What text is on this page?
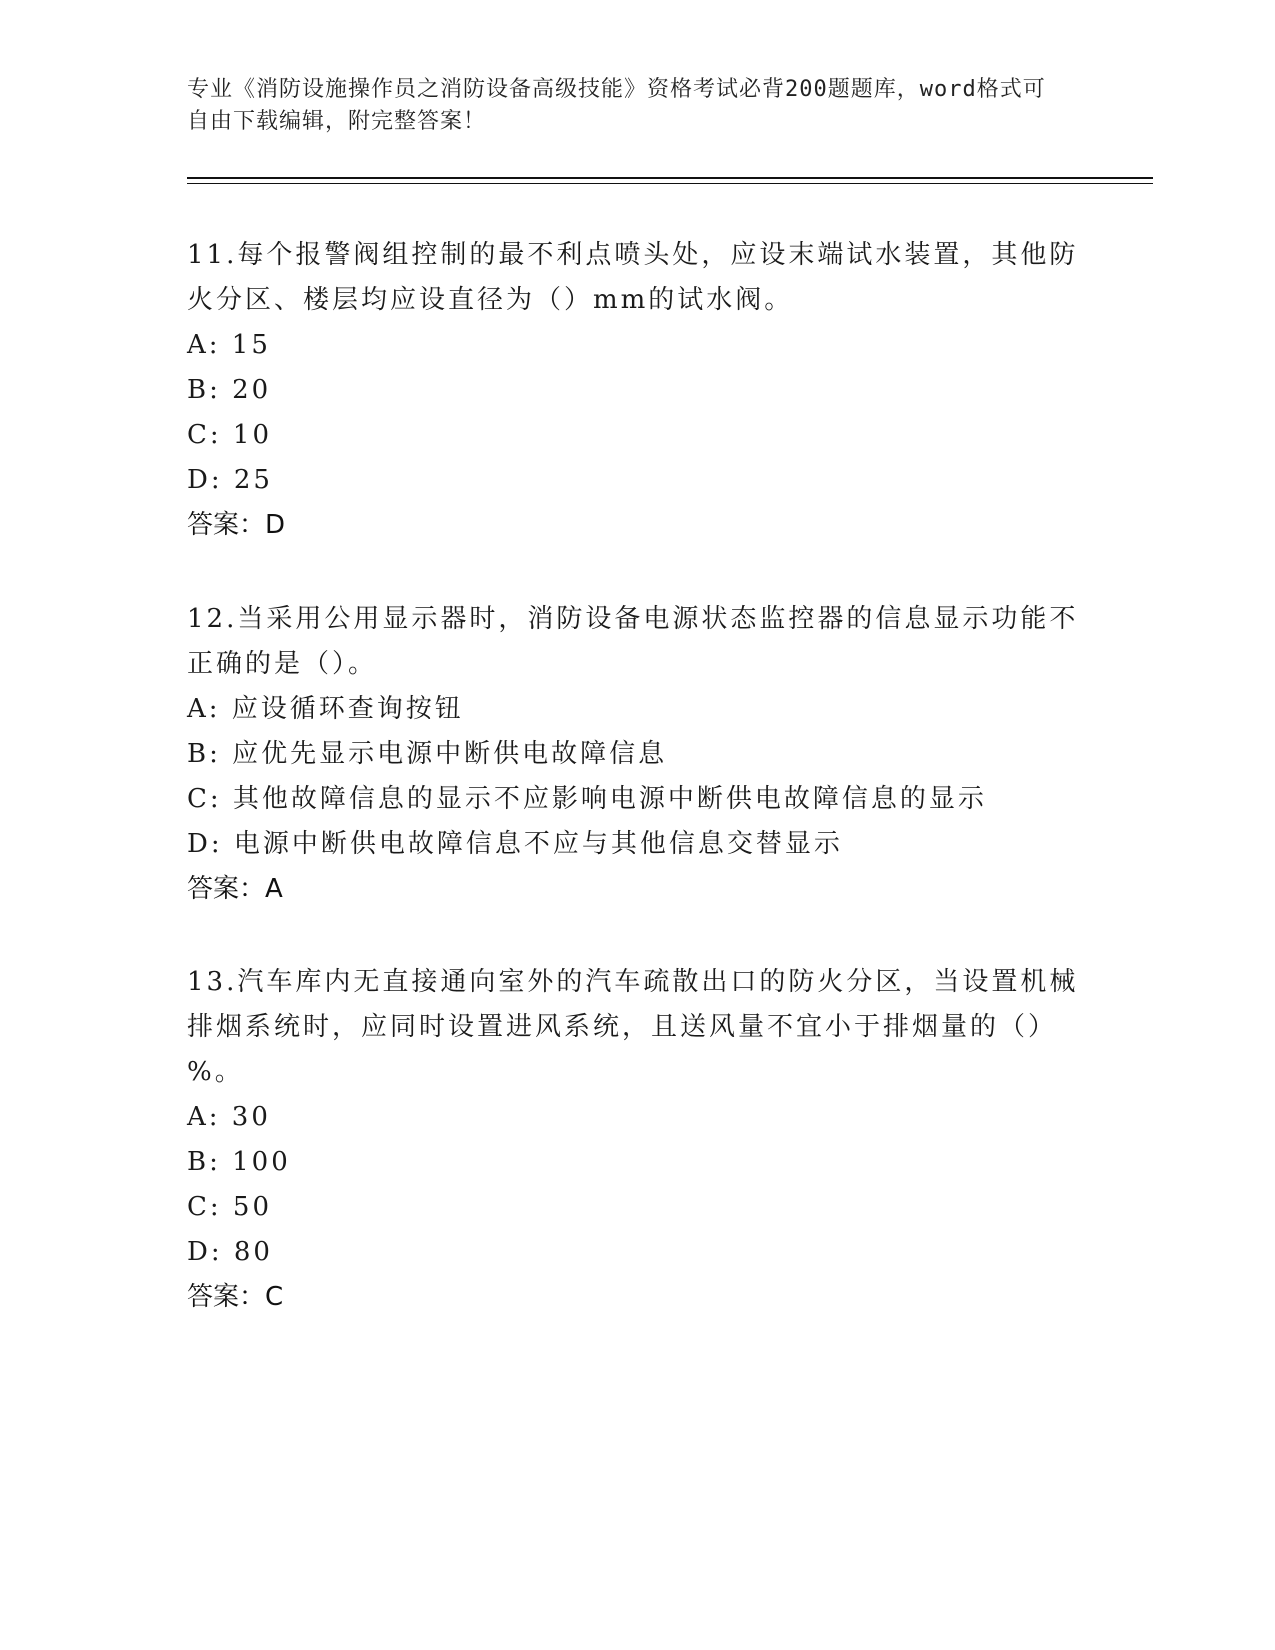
专业《消防设施操作员之消防设备高级技能》资格考试必背200题题库，word格式可自由下载编辑，附完整答案！

11.每个报警阀组控制的最不利点喷头处，应设末端试水装置，其他防火分区、楼层均应设直径为（）mm的试水阀。

A: 15

B: 20

C: 10

D: 25

答案：D

12.当采用公用显示器时，消防设备电源状态监控器的信息显示功能不正确的是（）。

A: 应设循环查询按钮

B: 应优先显示电源中断供电故障信息

C: 其他故障信息的显示不应影响电源中断供电故障信息的显示

D: 电源中断供电故障信息不应与其他信息交替显示

答案：A

13.汽车库内无直接通向室外的汽车疏散出口的防火分区，当设置机械排烟系统时，应同时设置进风系统，且送风量不宜小于排烟量的（）%。

A: 30

B: 100

C: 50

D: 80

答案：C
